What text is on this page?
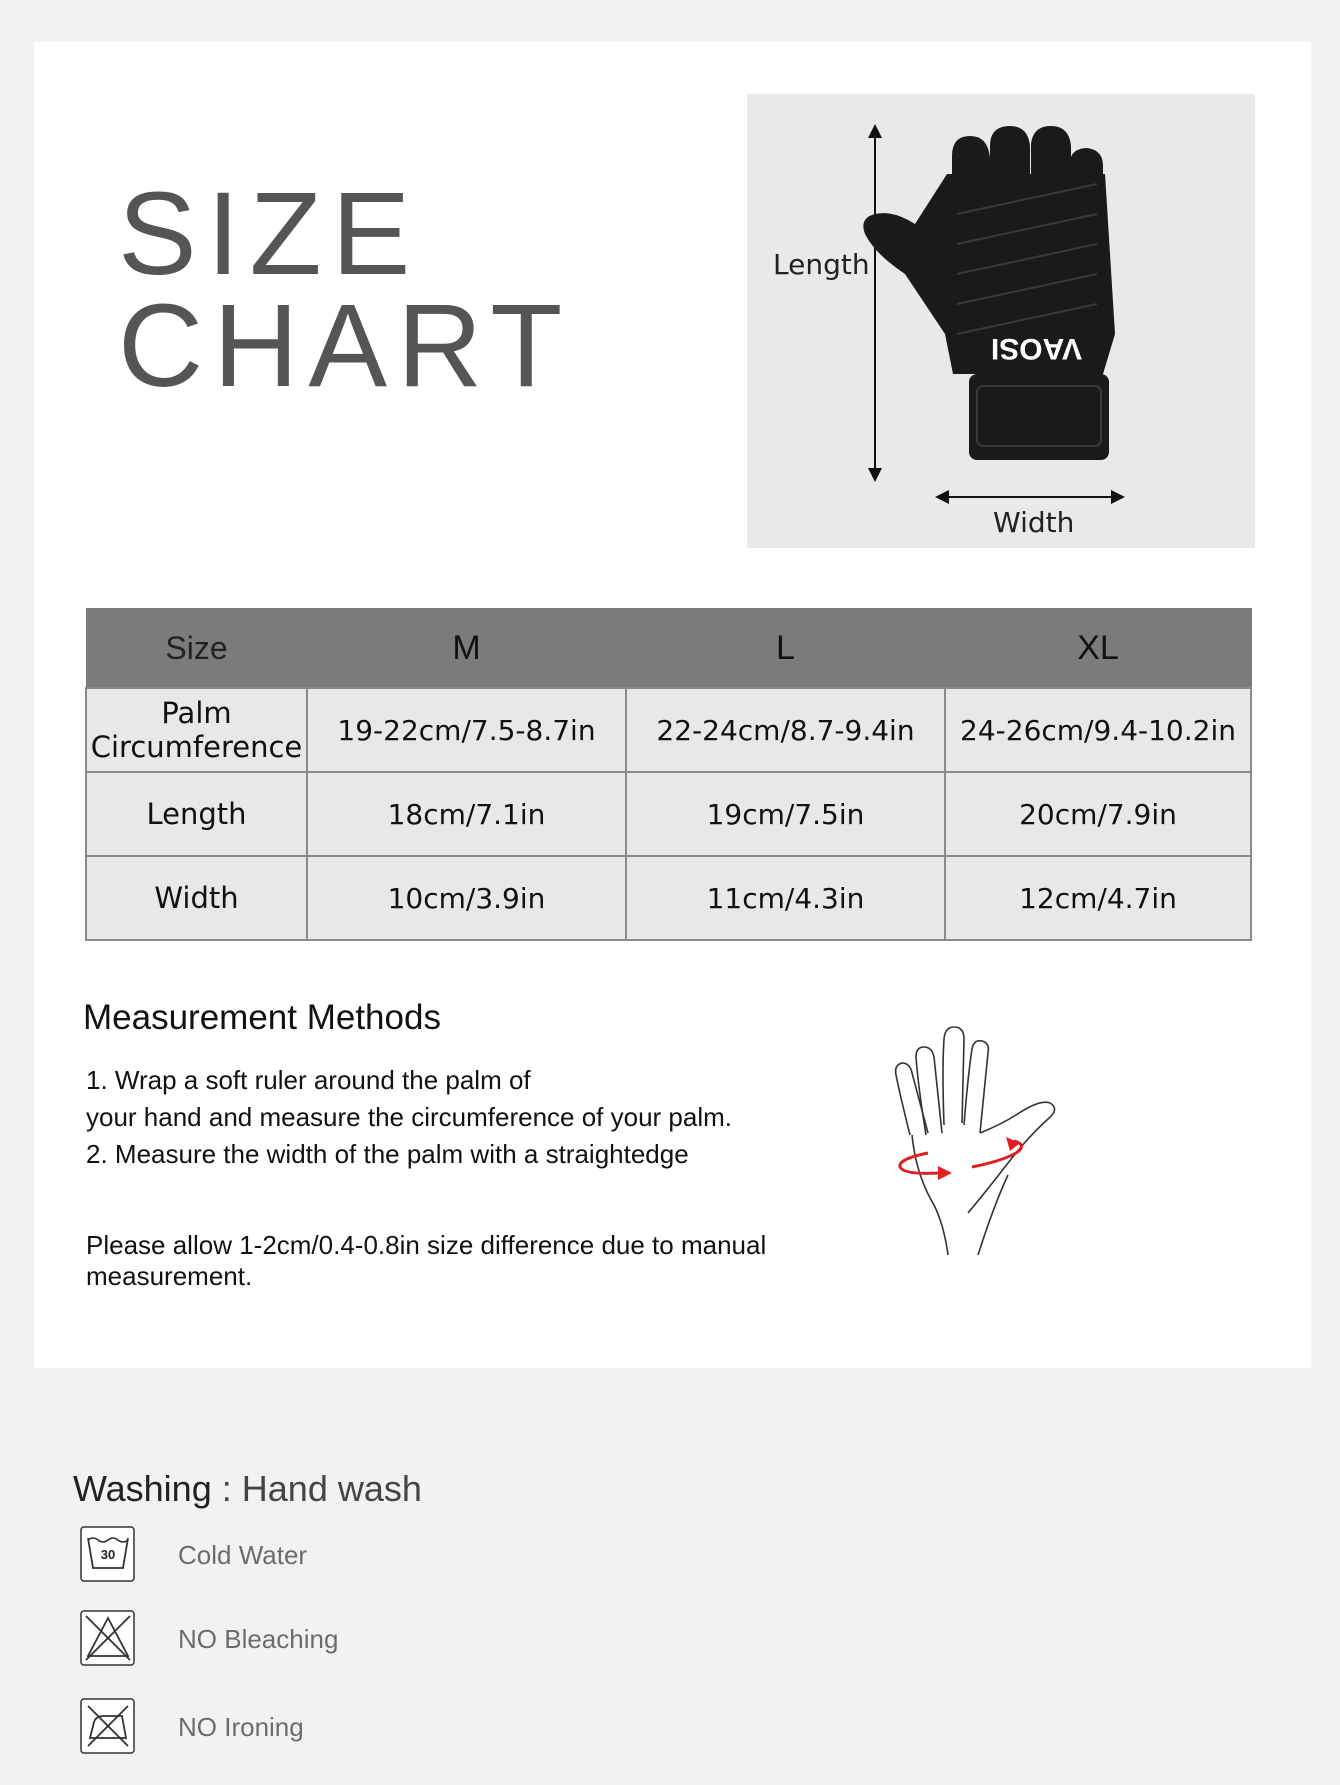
SIZE
CHART	VAOSI
Length
Width
Size	M	L	XL

Palm
Circumference	19-22cm/7.5-8.7in	22-24cm/8.7-9.4in	24-26cm/9.4-10.2in
Length	18cm/7.1in	19cm/7.5in	20cm/7.9in
Width	10cm/3.9in	11cm/4.3in	12cm/4.7in
Measurement Methods
1. Wrap a soft ruler around the palm of
your hand and measure the circumference of your palm.
2. Measure the width of the palm with a straightedge
Please allow 1-2cm/0.4-0.8in size difference due to manual measurement.
Washing : Hand wash
30 Cold Water
NO Bleaching
NO Ironing
